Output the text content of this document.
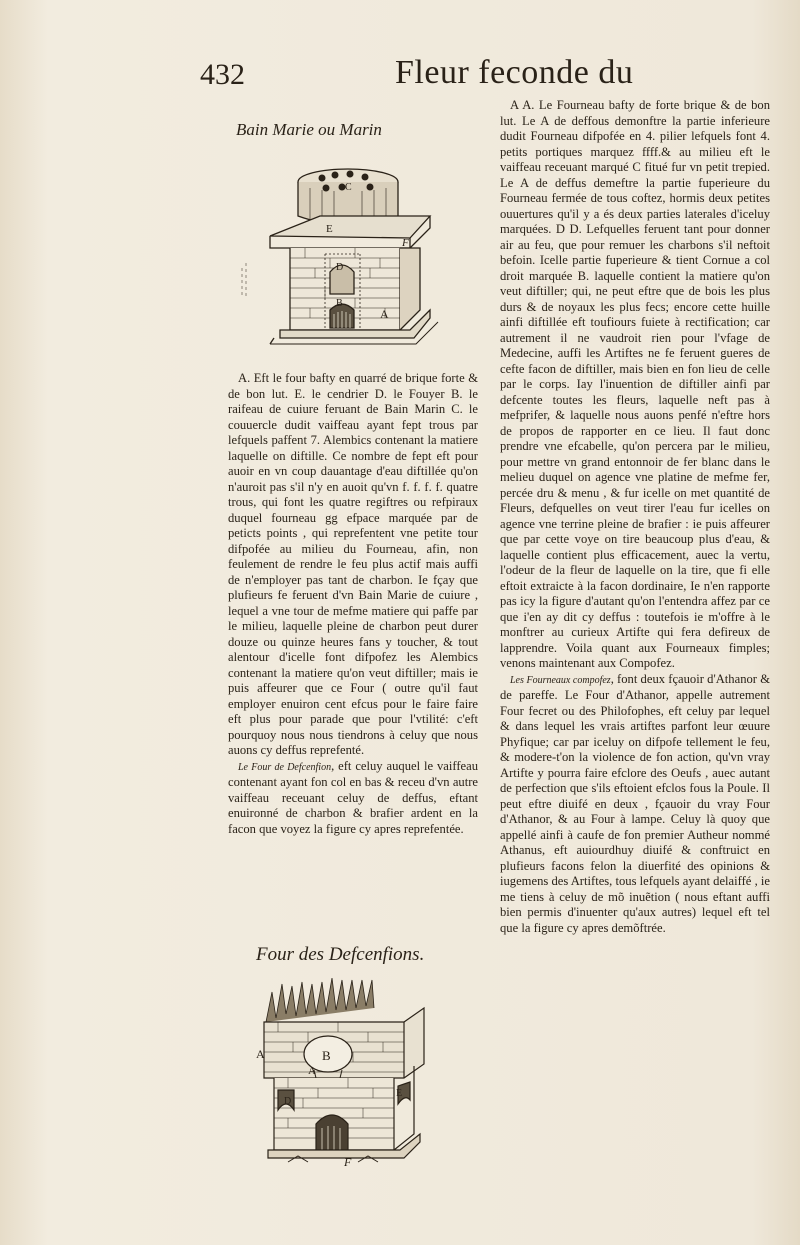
432	Fleur feconde du
Bain Marie ou Marin
E
F
D
B
C
A

A. Eft le four bafty en quarré de brique forte & de bon lut. E. le cendrier D. le Fouyer B. le raifeau de cuiure feruant de Bain Marin C. le couuercle dudit vaiffeau ayant fept trous par lefquels paffent 7. Alembics contenant la matiere laquelle on diftille. Ce nombre de fept eft pour auoir en vn coup dauantage d'eau diftillée qu'on n'auroit pas s'il n'y en auoit qu'vn f. f. f. f. quatre trous, qui font les quatre regiftres ou refpiraux duquel fourneau gg efpace marquée par de peticts points , qui reprefentent vne petite tour difpofée au milieu du Fourneau, afin, non feulement de rendre le feu plus actif mais auffi de n'employer pas tant de charbon. Ie fçay que plufieurs fe feruent d'vn Bain Marie de cuiure , lequel a vne tour de mefme matiere qui paffe par le milieu, laquelle pleine de charbon peut durer douze ou quinze heures fans y toucher, & tout alentour d'icelle font difpofez les Alembics contenant la matiere qu'on veut diftiller; mais ie puis affeurer que ce Four ( outre qu'il faut employer enuiron cent efcus pour le faire faire eft plus pour parade que pour l'vtilité: c'eft pourquoy nous nous tiendrons à celuy que nous auons cy deffus reprefenté.

Le Four de Defcenfion, eft celuy auquel le vaiffeau contenant ayant fon col en bas & receu d'vn autre vaiffeau receuant celuy de deffus, eftant enuironné de charbon & brafier ardent en la facon que voyez la figure cy apres reprefentée.

Four des Defcenfions.
A	B
A
D
E
F

A A. Le Fourneau bafty de forte brique & de bon lut. Le A de deffous demonftre la partie inferieure dudit Fourneau difpofée en 4. pilier lefquels font 4. petits portiques marquez ffff.& au milieu eft le vaiffeau receuant marqué C fitué fur vn petit trepied. Le A de deffus demeftre la partie fuperieure du Fourneau fermée de tous coftez, hormis deux petites ouuertures qu'il y a és deux parties laterales d'iceluy marquées. D D. Lefquelles feruent tant pour donner air au feu, que pour remuer les charbons s'il neftoit befoin. Icelle partie fuperieure & tient Cornue a col droit marquée B. laquelle contient la matiere qu'on veut diftiller; qui, ne peut eftre que de bois les plus durs & de noyaux les plus fecs; encore cette huille ainfi diftillée eft toufiours fuiete à rectification; car autrement il ne vaudroit rien pour l'vfage de Medecine, auffi les Artiftes ne fe feruent gueres de cefte facon de diftiller, mais bien en fon lieu de celle par le corps. Iay l'inuention de diftiller ainfi par defcente toutes les fleurs, laquelle neft pas à mefprifer, & laquelle nous auons penfé n'eftre hors de propos de rapporter en ce lieu. Il faut donc prendre vne efcabelle, qu'on percera par le milieu, pour mettre vn grand entonnoir de fer blanc dans le melieu duquel on agence vne platine de mefme fer, percée dru & menu , & fur icelle on met quantité de Fleurs, defquelles on veut tirer l'eau fur icelles on agence vne terrine pleine de brafier : ie puis affeurer que par cette voye on tire beaucoup plus d'eau, & laquelle contient plus efficacement, auec la vertu, l'odeur de la fleur de laquelle on la tire, que fi elle eftoit extraicte à la facon dordinaire, Ie n'en rapporte pas icy la figure d'autant qu'on l'entendra affez par ce que i'en ay dit cy deffus : toutefois ie m'offre à le monftrer au curieux Artifte qui fera defireux de lapprendre. Voila quant aux Fourneaux fimples; venons maintenant aux Compofez.

Les Fourneaux compofez, font deux fçauoir d'Athanor & de pareffe. Le Four d'Athanor, appelle autrement Four fecret ou des Philofophes, eft celuy par lequel & dans lequel les vrais artiftes parfont leur œuure Phyfique; car par iceluy on difpofe tellement le feu, & modere-t'on la violence de fon action, qu'vn vray Artifte y pourra faire efclore des Oeufs , auec autant de perfection que s'ils eftoient efclos fous la Poule. Il peut eftre diuifé en deux , fçauoir du vray Four d'Athanor, & au Four à lampe. Celuy là quoy que appellé ainfi à caufe de fon premier Autheur nommé Athanus, eft auiourdhuy diuifé & conftruict en plufieurs facons felon la diuerfité des opinions & iugemens des Artiftes, tous lefquels ayant delaiffé , ie me tiens à celuy de mõ inuẽtion ( nous eftant auffi bien permis d'inuenter qu'aux autres) lequel eft tel que la figure cy apres demõftrée.
